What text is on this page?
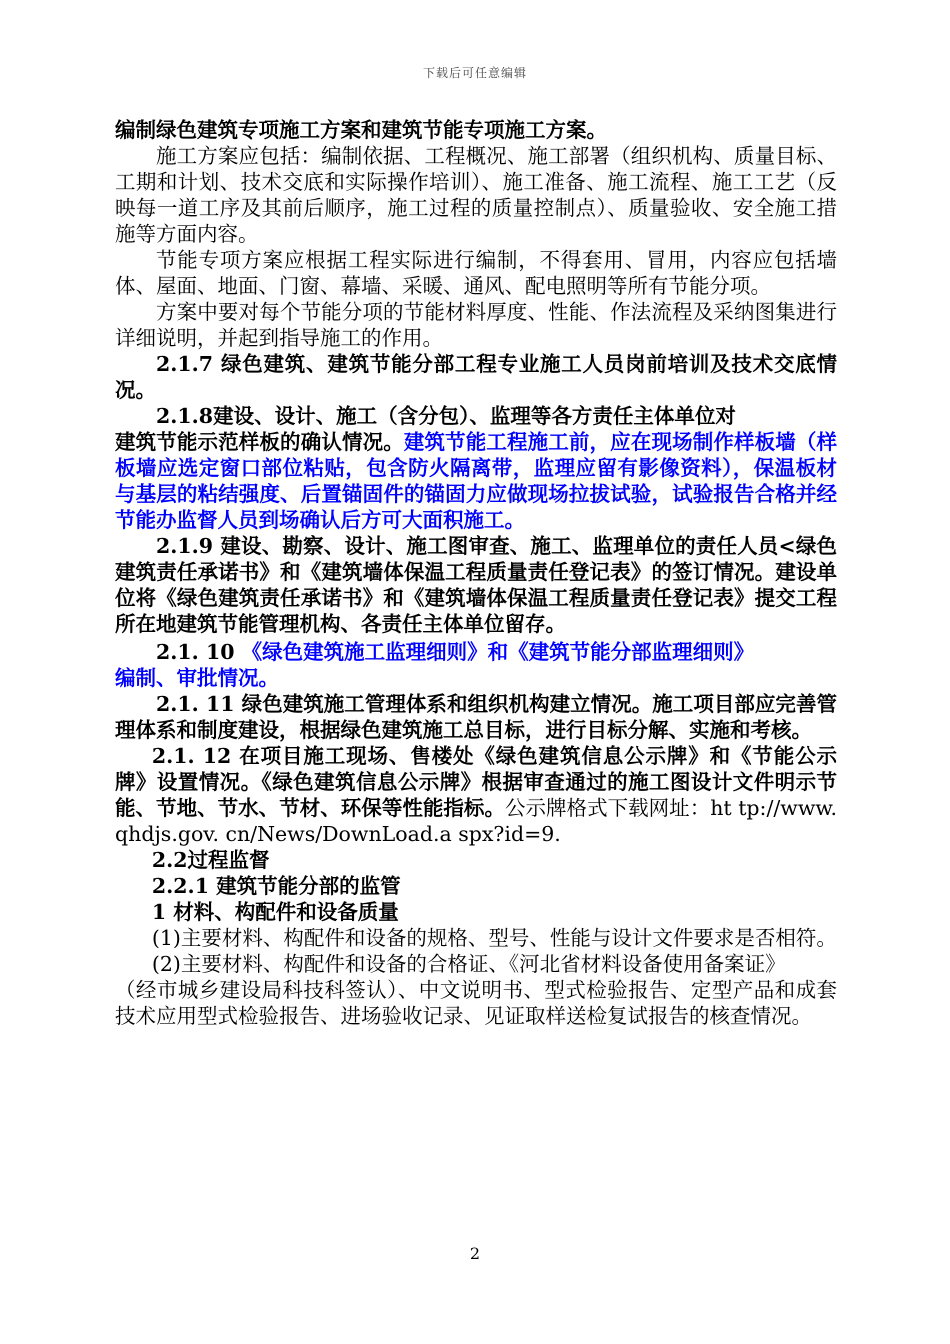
下载后可任意编辑

编制绿色建筑专项施工方案和建筑节能专项施工方案。

施工方案应包括：编制依据、工程概况、施工部署（组织机构、质量目标、工期和计划、技术交底和实际操作培训）、施工准备、施工流程、施工工艺（反映每一道工序及其前后顺序，施工过程的质量控制点）、质量验收、安全施工措施等方面内容。

节能专项方案应根据工程实际进行编制，不得套用、冒用，内容应包括墙体、屋面、地面、门窗、幕墙、采暖、通风、配电照明等所有节能分项。

方案中要对每个节能分项的节能材料厚度、性能、作法流程及采纳图集进行详细说明，并起到指导施工的作用。

2.1.7 绿色建筑、建筑节能分部工程专业施工人员岗前培训及技术交底情况。

2.1.8建设、设计、施工（含分包）、监理等各方责任主体单位对

建筑节能示范样板的确认情况。建筑节能工程施工前，应在现场制作样板墙（样板墙应选定窗口部位粘贴，包含防火隔离带，监理应留有影像资料），保温板材与基层的粘结强度、后置锚固件的锚固力应做现场拉拔试验，试验报告合格并经节能办监督人员到场确认后方可大面积施工。

2.1.9 建设、勘察、设计、施工图审查、施工、监理单位的责任人员<绿色建筑责任承诺书》和《建筑墙体保温工程质量责任登记表》的签订情况。建设单位将《绿色建筑责任承诺书》和《建筑墙体保温工程质量责任登记表》提交工程所在地建筑节能管理机构、各责任主体单位留存。

2.1. 10 《绿色建筑施工监理细则》和《建筑节能分部监理细则》

编制、审批情况。

2.1. 11 绿色建筑施工管理体系和组织机构建立情况。施工项目部应完善管理体系和制度建设，根据绿色建筑施工总目标，进行目标分解、实施和考核。

2.1. 12 在项目施工现场、售楼处《绿色建筑信息公示牌》和《节能公示牌》设置情况。《绿色建筑信息公示牌》根据审查通过的施工图设计文件明示节能、节地、节水、节材、环保等性能指标。公示牌格式下载网址：ht tp://www. qhdjs.gov. cn/News/DownLoad.a spx?id=9.

2.2过程监督

2.2.1 建筑节能分部的监管

1 材料、构配件和设备质量

(1)主要材料、构配件和设备的规格、型号、性能与设计文件要求是否相符。

(2)主要材料、构配件和设备的合格证、《河北省材料设备使用备案证》

（经市城乡建设局科技科签认）、中文说明书、型式检验报告、定型产品和成套技术应用型式检验报告、进场验收记录、见证取样送检复试报告的核查情况。

2
